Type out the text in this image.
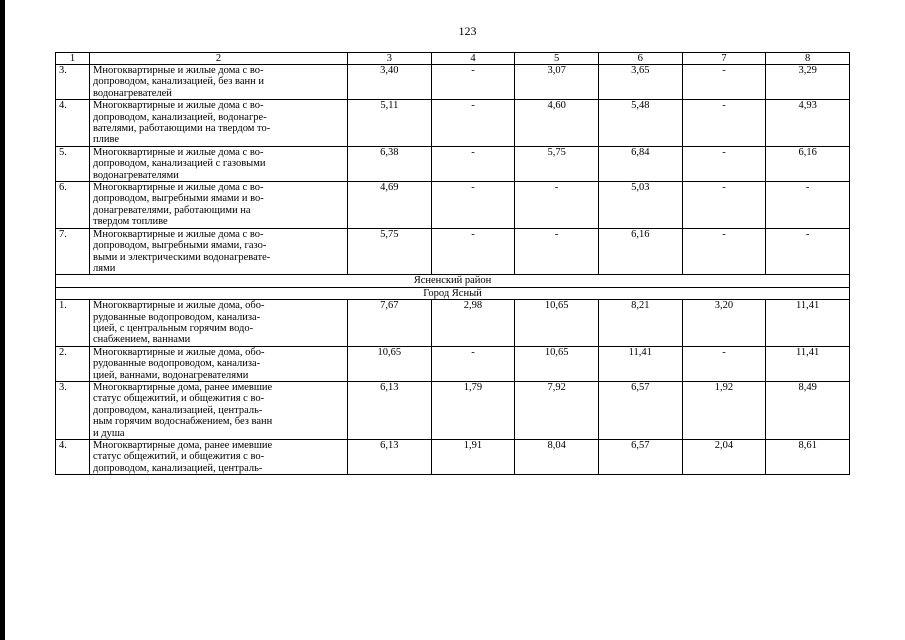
123
1	2	3	4	5	6	7	8
3.	Многоквартирные и жилые дома с во-
допроводом, канализацией, без ванн и
водонагревателей	3,40	-	3,07	3,65	-	3,29
4.	Многоквартирные и жилые дома с во-
допроводом, канализацией, водонагре-
вателями, работающими на твердом то-
пливе	5,11	-	4,60	5,48	-	4,93
5.	Многоквартирные и жилые дома с во-
допроводом, канализацией с газовыми
водонагревателями	6,38	-	5,75	6,84	-	6,16
6.	Многоквартирные и жилые дома с во-
допроводом, выгребными ямами и во-
донагревателями, работающими на
твердом топливе	4,69	-	-	5,03	-	-
7.	Многоквартирные и жилые дома с во-
допроводом, выгребными ямами, газо-
выми и электрическими водонагревате-
лями	5,75	-	-	6,16	-	-
Ясненский район							
Город Ясный							
1.	Многоквартирные и жилые дома, обо-
рудованные водопроводом, канализа-
цией, с центральным горячим водо-
снабжением, ваннами	7,67	2,98	10,65	8,21	3,20	11,41
2.	Многоквартирные и жилые дома, обо-
рудованные водопроводом, канализа-
цией, ваннами, водонагревателями	10,65	-	10,65	11,41	-	11,41
3.	Многоквартирные дома, ранее имевшие
статус общежитий, и общежития с во-
допроводом, канализацией, централь-
ным горячим водоснабжением, без ванн
и душа	6,13	1,79	7,92	6,57	1,92	8,49
4.	Многоквартирные дома, ранее имевшие
статус общежитий, и общежития с во-
допроводом, канализацией, централь-	6,13	1,91	8,04	6,57	2,04	8,61
